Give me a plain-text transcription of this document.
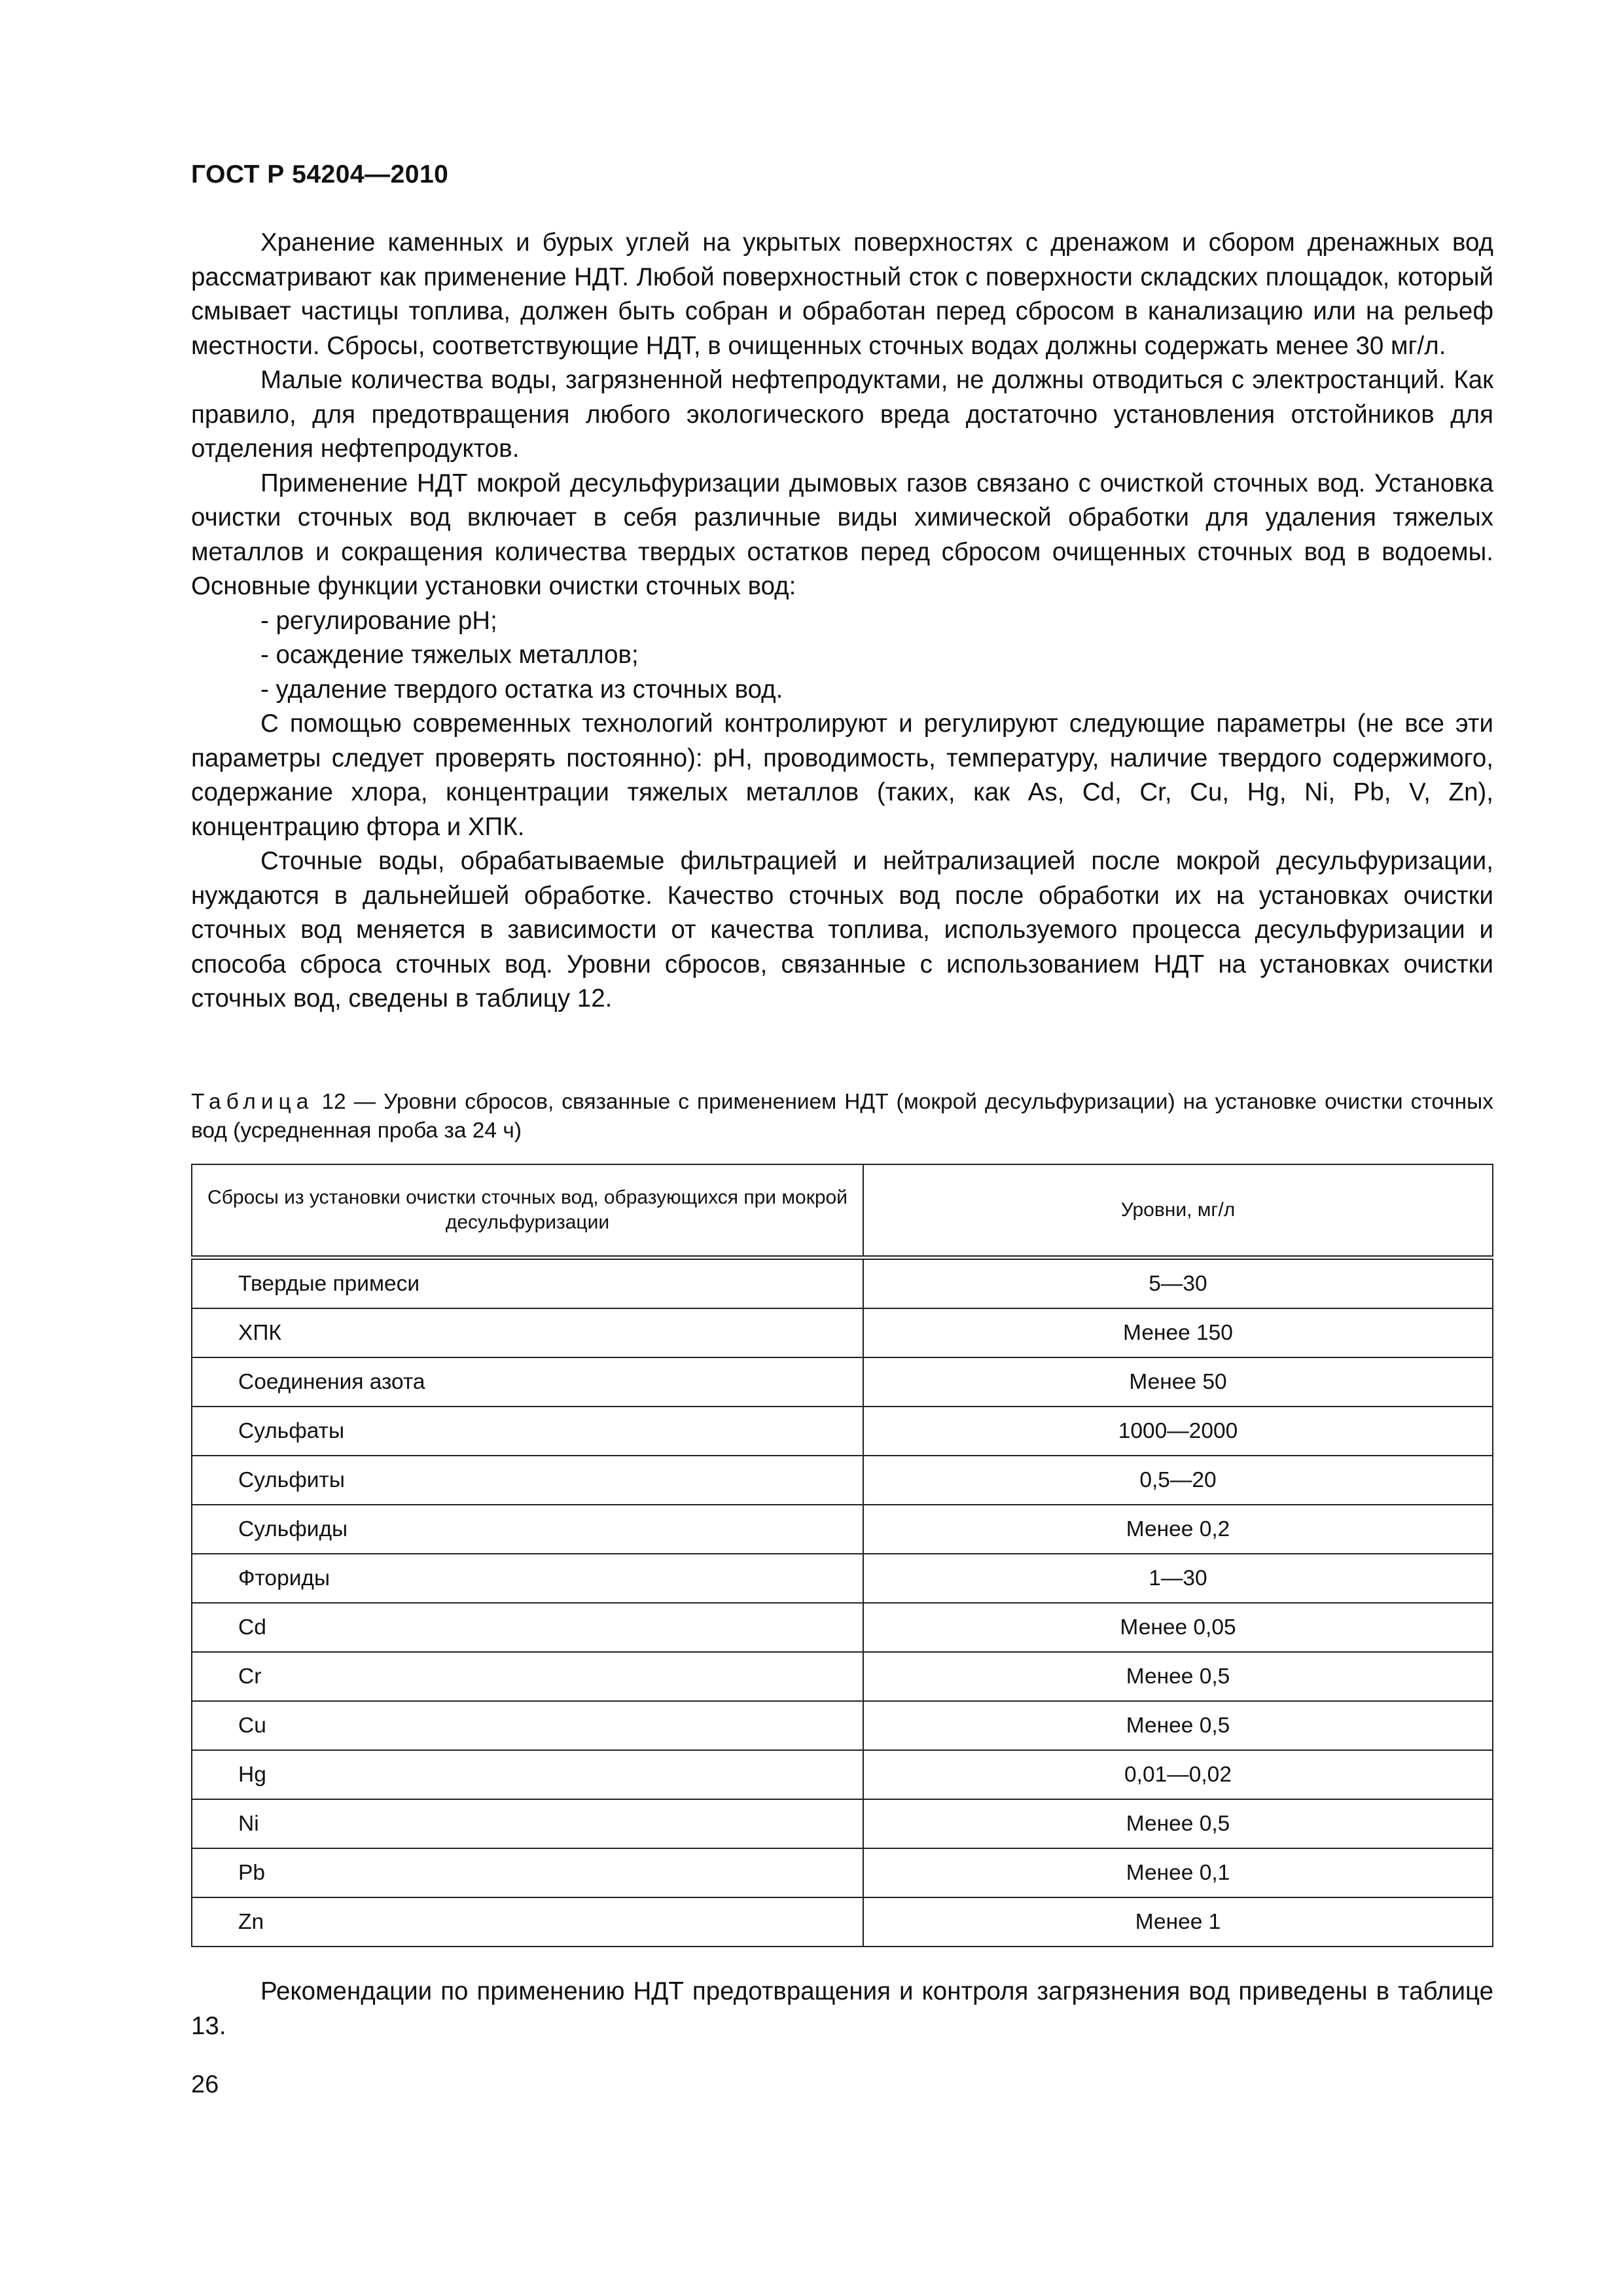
ГОСТ Р 54204—2010

Хранение каменных и бурых углей на укрытых поверхностях с дренажом и сбором дренажных вод рассматривают как применение НДТ. Любой поверхностный сток с поверхности складских площадок, который смывает частицы топлива, должен быть собран и обработан перед сбросом в канализацию или на рельеф местности. Сбросы, соответствующие НДТ, в очищенных сточных водах должны содержать менее 30 мг/л.

Малые количества воды, загрязненной нефтепродуктами, не должны отводиться с электростанций. Как правило, для предотвращения любого экологического вреда достаточно установления отстойников для отделения нефтепродуктов.

Применение НДТ мокрой десульфуризации дымовых газов связано с очисткой сточных вод. Установка очистки сточных вод включает в себя различные виды химической обработки для удаления тяжелых металлов и сокращения количества твердых остатков перед сбросом очищенных сточных вод в водоемы. Основные функции установки очистки сточных вод:

- регулирование pH;

- осаждение тяжелых металлов;

- удаление твердого остатка из сточных вод.

С помощью современных технологий контролируют и регулируют следующие параметры (не все эти параметры следует проверять постоянно): pH, проводимость, температуру, наличие твердого содержимого, содержание хлора, концентрации тяжелых металлов (таких, как As, Cd, Cr, Cu, Hg, Ni, Pb, V, Zn), концентрацию фтора и ХПК.

Сточные воды, обрабатываемые фильтрацией и нейтрализацией после мокрой десульфуризации, нуждаются в дальнейшей обработке. Качество сточных вод после обработки их на установках очистки сточных вод меняется в зависимости от качества топлива, используемого процесса десульфуризации и способа сброса сточных вод. Уровни сбросов, связанные с использованием НДТ на установках очистки сточных вод, сведены в таблицу 12.

Таблица 12 — Уровни сбросов, связанные с применением НДТ (мокрой десульфуризации) на установке очистки сточных вод (усредненная проба за 24 ч)
Сбросы из установки очистки сточных вод, образующихся при мокрой десульфуризации	Уровни, мг/л
Твердые примеси	5—30
ХПК	Менее 150
Соединения азота	Менее 50
Сульфаты	1000—2000
Сульфиты	0,5—20
Сульфиды	Менее 0,2
Фториды	1—30
Cd	Менее 0,05
Cr	Менее 0,5
Cu	Менее 0,5
Hg	0,01—0,02
Ni	Менее 0,5
Pb	Менее 0,1
Zn	Менее 1

Рекомендации по применению НДТ предотвращения и контроля загрязнения вод приведены в таблице 13.

26
